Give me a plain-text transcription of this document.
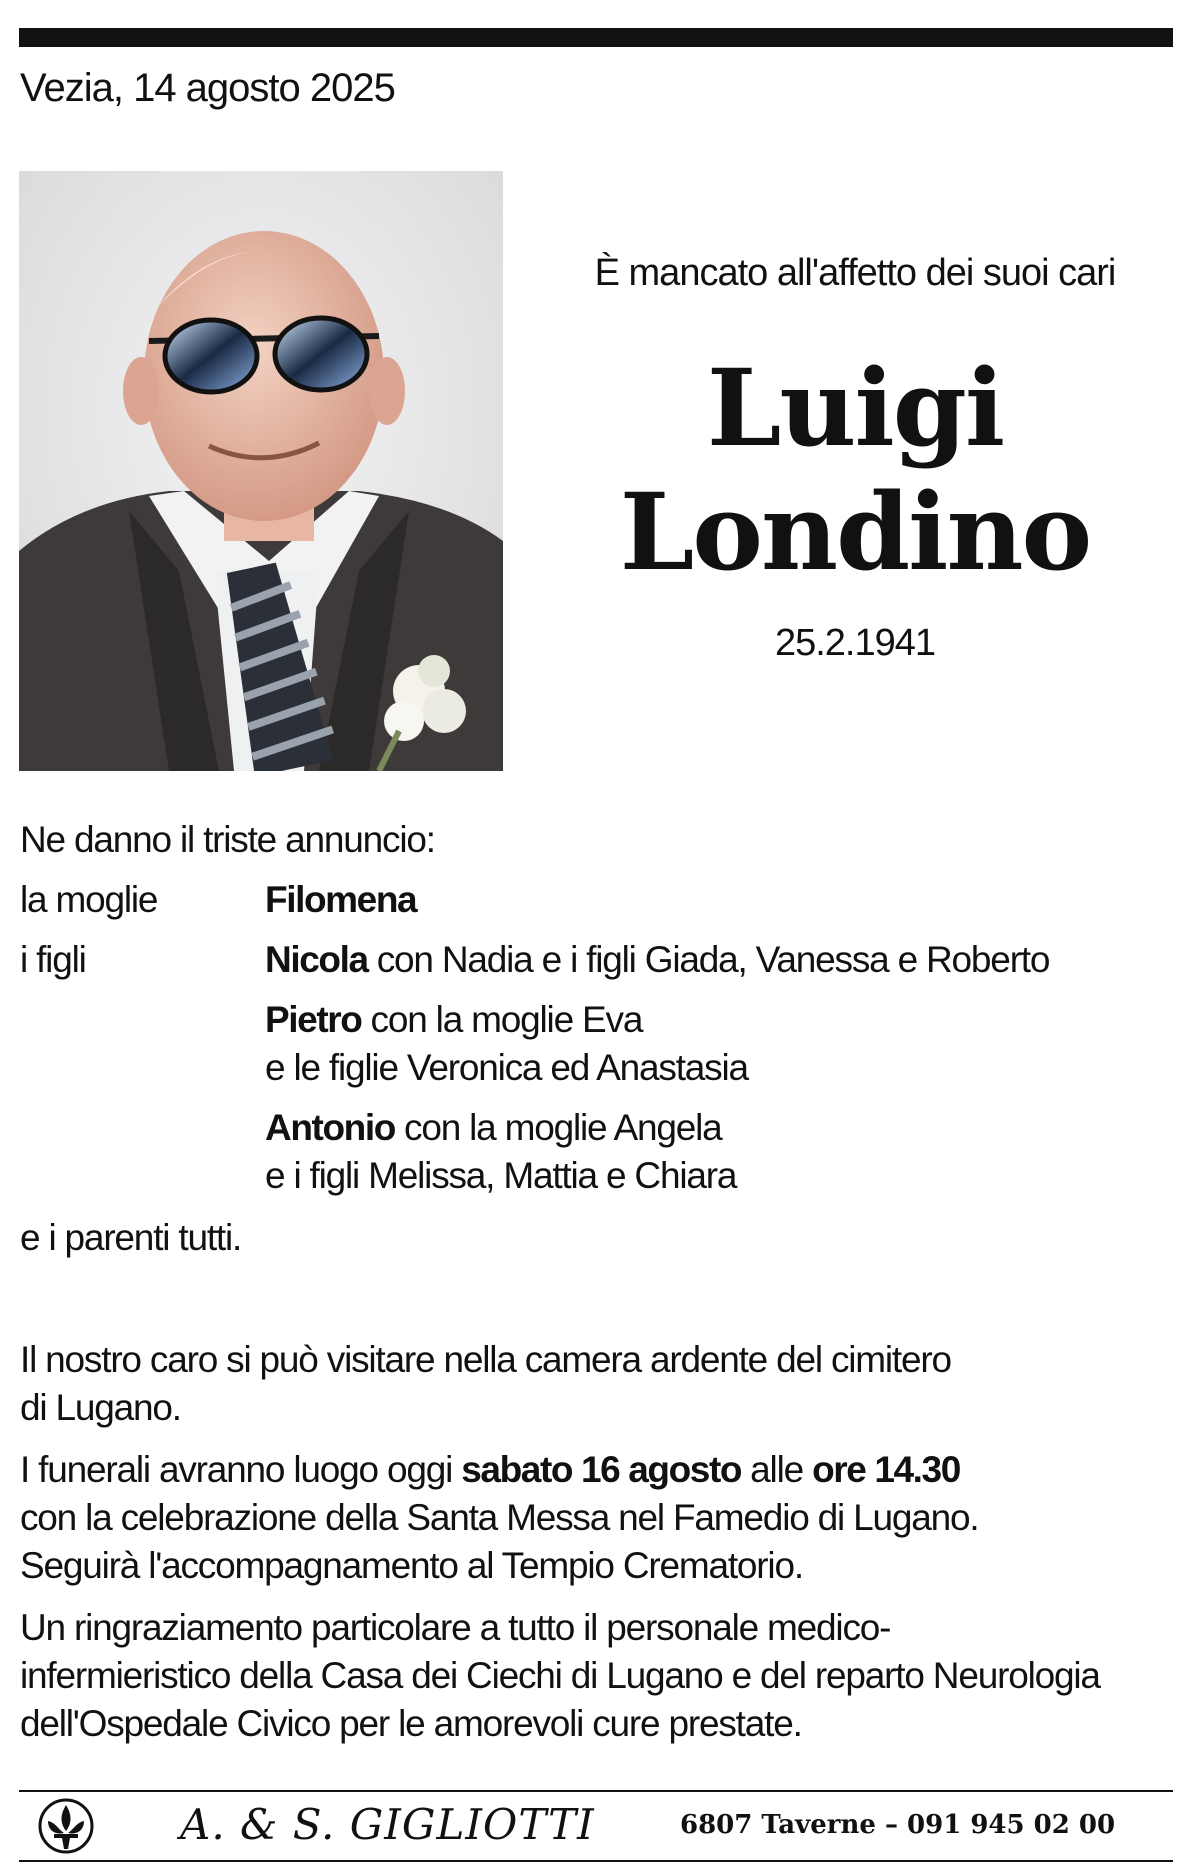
Vezia, 14 agosto 2025
È mancato all'affetto dei suoi cari
Luigi
Londino
25.2.1941
Ne danno il triste annuncio:
la moglie	Filomena
i figli	Nicola con Nadia e i figli Giada, Vanessa e Roberto
Pietro con la moglie Eva
e le figlie Veronica ed Anastasia
Antonio con la moglie Angela
e i figli Melissa, Mattia e Chiara
e i parenti tutti.
Il nostro caro si può visitare nella camera ardente del cimitero
di Lugano.
I funerali avranno luogo oggi sabato 16 agosto alle ore 14.30
con la celebrazione della Santa Messa nel Famedio di Lugano.
Seguirà l'accompagnamento al Tempio Crematorio.
Un ringraziamento particolare a tutto il personale medico-
infermieristico della Casa dei Ciechi di Lugano e del reparto Neurologia
dell'Ospedale Civico per le amorevoli cure prestate.
A. & S. GIGLIOTTI	6807 Taverne – 091 945 02 00
